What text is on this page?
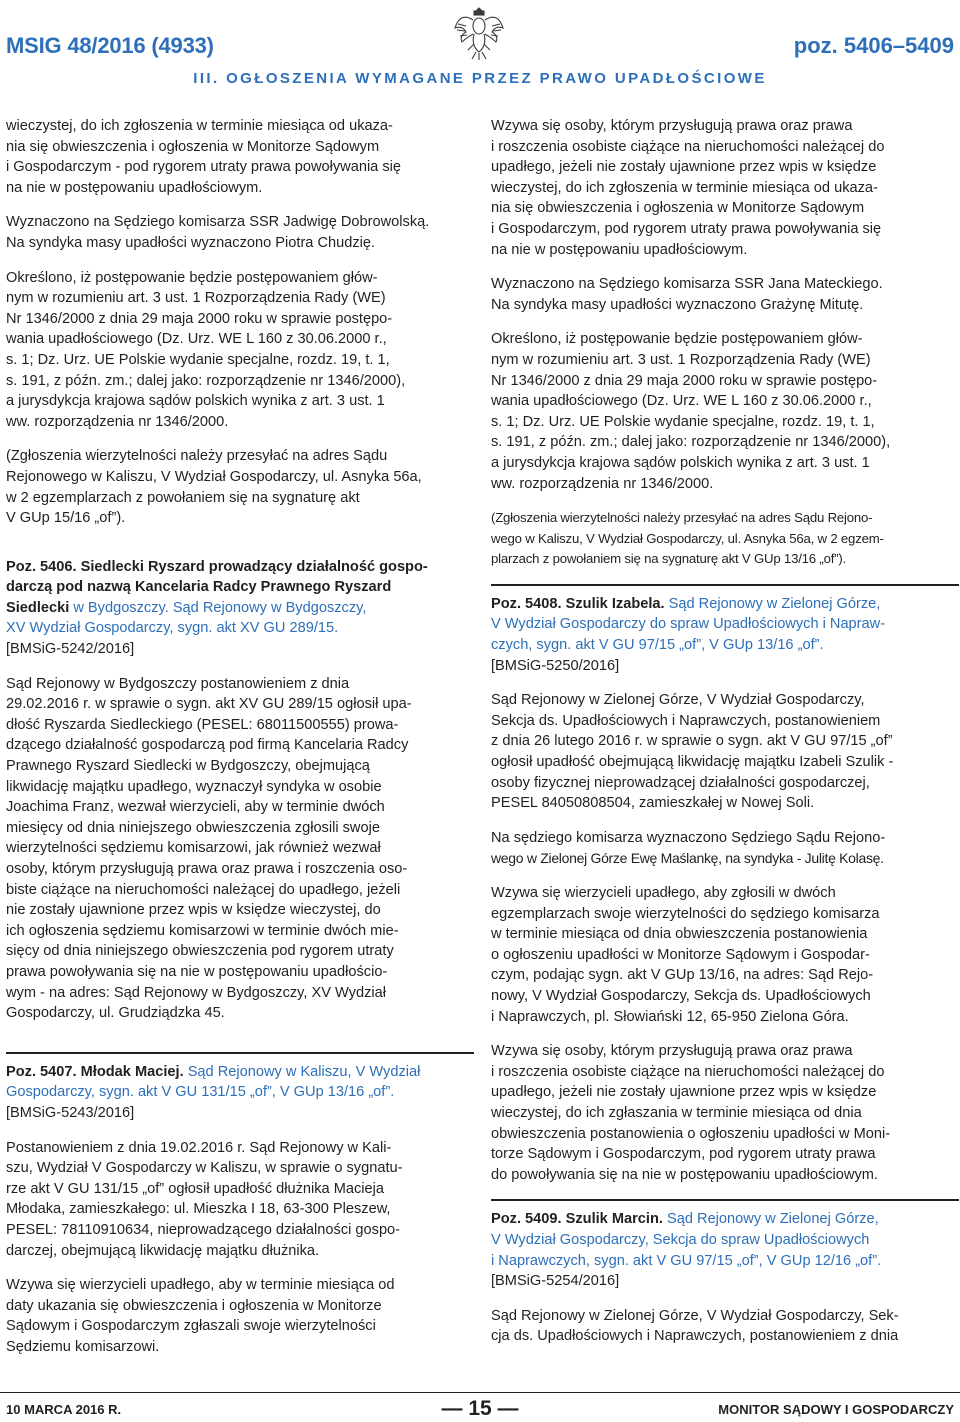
MSIG 48/2016 (4933)	poz. 5406–5409
III. OGŁOSZENIA WYMAGANE PRZEZ PRAWO UPADŁOŚCIOWE
wieczystej, do ich zgłoszenia w terminie miesiąca od ukaza-
nia się obwieszczenia i ogłoszenia w Monitorze Sądowym
i Gospodarczym - pod rygorem utraty prawa powoływania się
na nie w postępowaniu upadłościowym.
Wyznaczono na Sędziego komisarza SSR Jadwigę Dobrowolską.
Na syndyka masy upadłości wyznaczono Piotra Chudzię.
Określono, iż postępowanie będzie postępowaniem głów-
nym w rozumieniu art. 3 ust. 1 Rozporządzenia Rady (WE)
Nr 1346/2000 z dnia 29 maja 2000 roku w sprawie postępo-
wania upadłościowego (Dz. Urz. WE L 160 z 30.06.2000 r.,
s. 1; Dz. Urz. UE Polskie wydanie specjalne, rozdz. 19, t. 1,
s. 191, z późn. zm.; dalej jako: rozporządzenie nr 1346/2000),
a jurysdykcja krajowa sądów polskich wynika z art. 3 ust. 1
ww. rozporządzenia nr 1346/2000.
(Zgłoszenia wierzytelności należy przesyłać na adres Sądu
Rejonowego w Kaliszu, V Wydział Gospodarczy, ul. Asnyka 56a,
w 2 egzemplarzach z powołaniem się na sygnaturę akt
V GUp 15/16 „of”).
Poz. 5406. Siedlecki Ryszard prowadzący działalność gospo-
darczą pod nazwą Kancelaria Radcy Prawnego Ryszard
Siedlecki w Bydgoszczy. Sąd Rejonowy w Bydgoszczy,
XV Wydział Gospodarczy, sygn. akt XV GU 289/15.
[BMSiG-5242/2016]
Sąd Rejonowy w Bydgoszczy postanowieniem z dnia
29.02.2016 r. w sprawie o sygn. akt XV GU 289/15 ogłosił upa-
dłość Ryszarda Siedleckiego (PESEL: 68011500555) prowa-
dzącego działalność gospodarczą pod firmą Kancelaria Radcy
Prawnego Ryszard Siedlecki w Bydgoszczy, obejmującą
likwidację majątku upadłego, wyznaczył syndyka w osobie
Joachima Franz, wezwał wierzycieli, aby w terminie dwóch
miesięcy od dnia niniejszego obwieszczenia zgłosili swoje
wierzytelności sędziemu komisarzowi, jak również wezwał
osoby, którym przysługują prawa oraz prawa i roszczenia oso-
biste ciążące na nieruchomości należącej do upadłego, jeżeli
nie zostały ujawnione przez wpis w księdze wieczystej, do
ich ogłoszenia sędziemu komisarzowi w terminie dwóch mie-
sięcy od dnia niniejszego obwieszczenia pod rygorem utraty
prawa powoływania się na nie w postępowaniu upadłościo-
wym - na adres: Sąd Rejonowy w Bydgoszczy, XV Wydział
Gospodarczy, ul. Grudziądzka 45.
Poz. 5407. Młodak Maciej. Sąd Rejonowy w Kaliszu, V Wydział
Gospodarczy, sygn. akt V GU 131/15 „of”, V GUp 13/16 „of”.
[BMSiG-5243/2016]
Postanowieniem z dnia 19.02.2016 r. Sąd Rejonowy w Kali-
szu, Wydział V Gospodarczy w Kaliszu, w sprawie o sygnatu-
rze akt V GU 131/15 „of” ogłosił upadłość dłużnika Macieja
Młodaka, zamieszkałego: ul. Mieszka I 18, 63-300 Pleszew,
PESEL: 78110910634, nieprowadzącego działalności gospo-
darczej, obejmującą likwidację majątku dłużnika.
Wzywa się wierzycieli upadłego, aby w terminie miesiąca od
daty ukazania się obwieszczenia i ogłoszenia w Monitorze
Sądowym i Gospodarczym zgłaszali swoje wierzytelności
Sędziemu komisarzowi.
Wzywa się osoby, którym przysługują prawa oraz prawa
i roszczenia osobiste ciążące na nieruchomości należącej do
upadłego, jeżeli nie zostały ujawnione przez wpis w księdze
wieczystej, do ich zgłoszenia w terminie miesiąca od ukaza-
nia się obwieszczenia i ogłoszenia w Monitorze Sądowym
i Gospodarczym, pod rygorem utraty prawa powoływania się
na nie w postępowaniu upadłościowym.
Wyznaczono na Sędziego komisarza SSR Jana Mateckiego.
Na syndyka masy upadłości wyznaczono Grażynę Mitutę.
Określono, iż postępowanie będzie postępowaniem głów-
nym w rozumieniu art. 3 ust. 1 Rozporządzenia Rady (WE)
Nr 1346/2000 z dnia 29 maja 2000 roku w sprawie postępo-
wania upadłościowego (Dz. Urz. WE L 160 z 30.06.2000 r.,
s. 1; Dz. Urz. UE Polskie wydanie specjalne, rozdz. 19, t. 1,
s. 191, z późn. zm.; dalej jako: rozporządzenie nr 1346/2000),
a jurysdykcja krajowa sądów polskich wynika z art. 3 ust. 1
ww. rozporządzenia nr 1346/2000.
(Zgłoszenia wierzytelności należy przesyłać na adres Sądu Rejono-
wego w Kaliszu, V Wydział Gospodarczy, ul. Asnyka 56a, w 2 egzem-
plarzach z powołaniem się na sygnaturę akt V GUp 13/16 „of”).
Poz. 5408. Szulik Izabela. Sąd Rejonowy w Zielonej Górze,
V Wydział Gospodarczy do spraw Upadłościowych i Napraw-
czych, sygn. akt V GU 97/15 „of”, V GUp 13/16 „of”.
[BMSiG-5250/2016]
Sąd Rejonowy w Zielonej Górze, V Wydział Gospodarczy,
Sekcja ds. Upadłościowych i Naprawczych, postanowieniem
z dnia 26 lutego 2016 r. w sprawie o sygn. akt V GU 97/15 „of”
ogłosił upadłość obejmującą likwidację majątku Izabeli Szulik -
osoby fizycznej nieprowadzącej działalności gospodarczej,
PESEL 84050808504, zamieszkałej w Nowej Soli.
Na sędziego komisarza wyznaczono Sędziego Sądu Rejono-
wego w Zielonej Górze Ewę Maślankę, na syndyka - Julitę Kolasę.
Wzywa się wierzycieli upadłego, aby zgłosili w dwóch
egzemplarzach swoje wierzytelności do sędziego komisarza
w terminie miesiąca od dnia obwieszczenia postanowienia
o ogłoszeniu upadłości w Monitorze Sądowym i Gospodar-
czym, podając sygn. akt V GUp 13/16, na adres: Sąd Rejo-
nowy, V Wydział Gospodarczy, Sekcja ds. Upadłościowych
i Naprawczych, pl. Słowiański 12, 65-950 Zielona Góra.
Wzywa się osoby, którym przysługują prawa oraz prawa
i roszczenia osobiste ciążące na nieruchomości należącej do
upadłego, jeżeli nie zostały ujawnione przez wpis w księdze
wieczystej, do ich zgłaszania w terminie miesiąca od dnia
obwieszczenia postanowienia o ogłoszeniu upadłości w Moni-
torze Sądowym i Gospodarczym, pod rygorem utraty prawa
do powoływania się na nie w postępowaniu upadłościowym.
Poz. 5409. Szulik Marcin. Sąd Rejonowy w Zielonej Górze,
V Wydział Gospodarczy, Sekcja do spraw Upadłościowych
i Naprawczych, sygn. akt V GU 97/15 „of”, V GUp 12/16 „of”.
[BMSiG-5254/2016]
Sąd Rejonowy w Zielonej Górze, V Wydział Gospodarczy, Sek-
cja ds. Upadłościowych i Naprawczych, postanowieniem z dnia
10 MARCA 2016 R.	— 15 —	MONITOR SĄDOWY I GOSPODARCZY
